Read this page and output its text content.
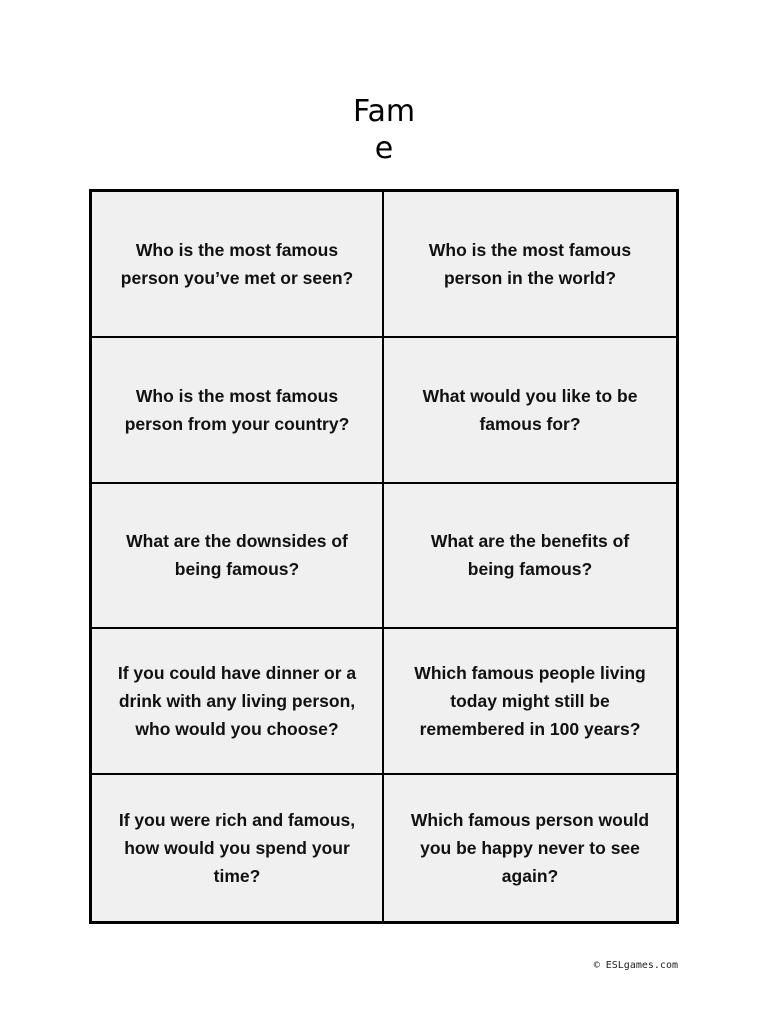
Fam
e
Who is the most famous person you’ve met or seen?
Who is the most famous person in the world?
Who is the most famous person from your country?
What would you like to be famous for?
What are the downsides of being famous?
What are the benefits of being famous?
If you could have dinner or a drink with any living person, who would you choose?
Which famous people living today might still be remembered in 100 years?
If you were rich and famous, how would you spend your time?
Which famous person would you be happy never to see again?
© ESLgames.com
